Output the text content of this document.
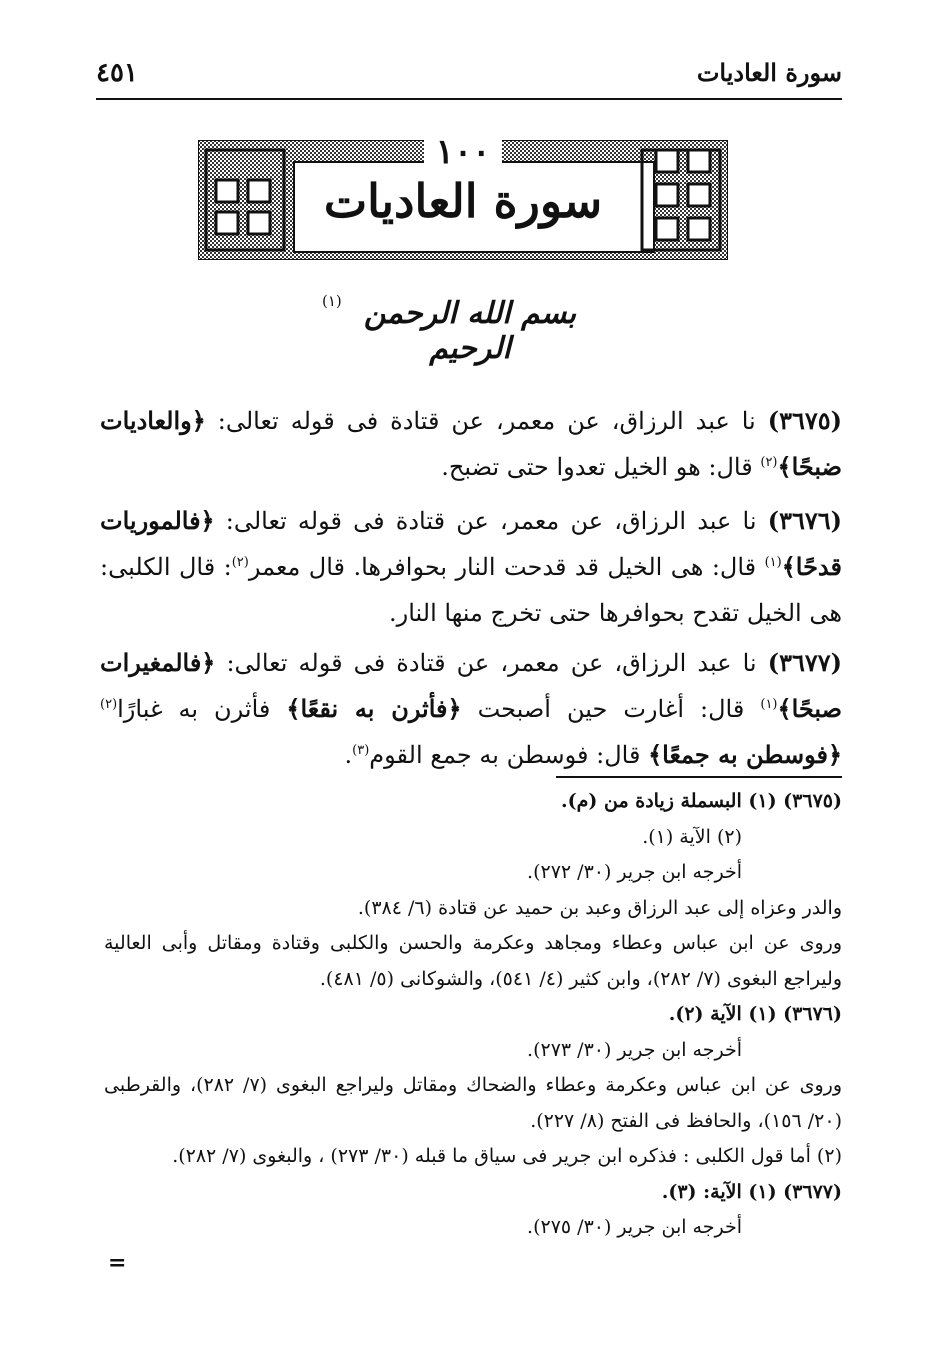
سورة العاديات
٤٥١
١٠٠
سورة العاديات
بسم الله الرحمن الرحيم
(١)
(٣٦٧٥) نا عبد الرزاق، عن معمر، عن قتادة فى قوله تعالى: ﴿والعاديات ضبحًا﴾$^{(٢)}$ قال: هو الخيل تعدوا حتى تضبح.
(٣٦٧٦) نا عبد الرزاق، عن معمر، عن قتادة فى قوله تعالى: ﴿فالموريات قدحًا﴾$^{(١)}$ قال: هى الخيل قد قدحت النار بحوافرها. قال معمر$^{(٢)}$: قال الكلبى: هى الخيل تقدح بحوافرها حتى تخرج منها النار.
(٣٦٧٧) نا عبد الرزاق، عن معمر، عن قتادة فى قوله تعالى: ﴿فالمغيرات صبحًا﴾$^{(١)}$ قال: أغارت حين أصبحت ﴿فأثرن به نقعًا﴾ فأثرن به غبارًا$^{(٢)}$ ﴿فوسطن به جمعًا﴾ قال: فوسطن به جمع القوم$^{(٣)}$.
(٣٦٧٥) (١) البسملة زيادة من (م).
(٢) الآية (١).
أخرجه ابن جرير (٣٠/ ٢٧٢).
والدر وعزاه إلى عبد الرزاق وعبد بن حميد عن قتادة (٦/ ٣٨٤).
وروى عن ابن عباس وعطاء ومجاهد وعكرمة والحسن والكلبى وقتادة ومقاتل وأبى العالية وليراجع البغوى (٧/ ٢٨٢)، وابن كثير (٤/ ٥٤١)، والشوكانى (٥/ ٤٨١).
(٣٦٧٦) (١) الآية (٢).
أخرجه ابن جرير (٣٠/ ٢٧٣).
وروى عن ابن عباس وعكرمة وعطاء والضحاك ومقاتل وليراجع البغوى (٧/ ٢٨٢)، والقرطبى (٢٠/ ١٥٦)، والحافظ فى الفتح (٨/ ٢٢٧).
(٢) أما قول الكلبى : فذكره ابن جرير فى سياق ما قبله (٣٠/ ٢٧٣) ، والبغوى (٧/ ٢٨٢).
(٣٦٧٧) (١) الآية: (٣).
أخرجه ابن جرير (٣٠/ ٢٧٥).
=
